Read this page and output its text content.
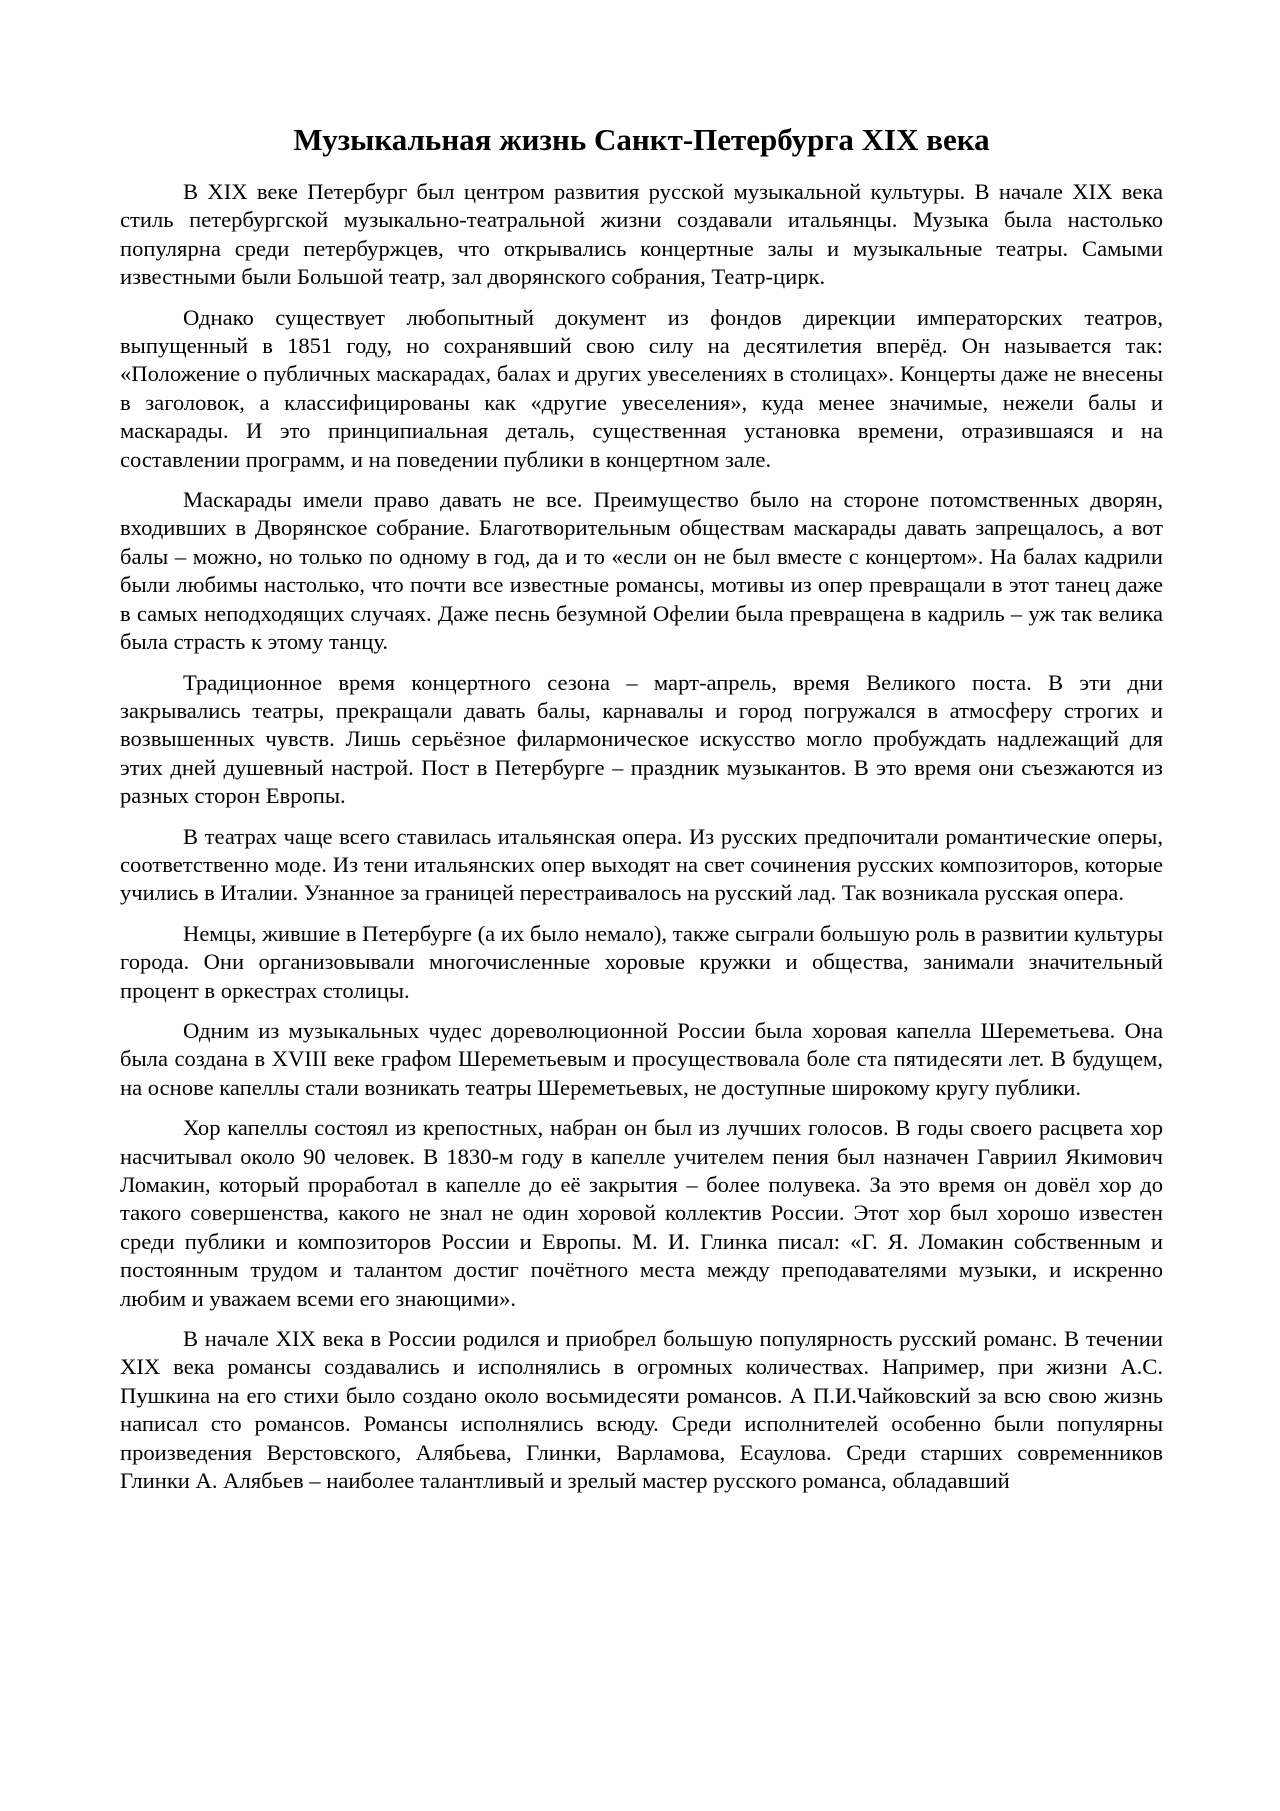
Музыкальная жизнь Санкт-Петербурга XIX века

В XIX веке Петербург был центром развития русской музыкальной культуры. В начале XIX века стиль петербургской музыкально-театральной жизни создавали итальянцы. Музыка была настолько популярна среди петербуржцев, что открывались концертные залы и музыкальные театры. Самыми известными были Большой театр, зал дворянского собрания, Театр-цирк.

Однако существует любопытный документ из фондов дирекции императорских театров, выпущенный в 1851 году, но сохранявший свою силу на десятилетия вперёд. Он называется так: «Положение о публичных маскарадах, балах и других увеселениях в столицах». Концерты даже не внесены в заголовок, а классифицированы как «другие увеселения», куда менее значимые, нежели балы и маскарады. И это принципиальная деталь, существенная установка времени, отразившаяся и на составлении программ, и на поведении публики в концертном зале.

Маскарады имели право давать не все. Преимущество было на стороне потомственных дворян, входивших в Дворянское собрание. Благотворительным обществам маскарады давать запрещалось, а вот балы – можно, но только по одному в год, да и то «если он не был вместе с концертом». На балах кадрили были любимы настолько, что почти все известные романсы, мотивы из опер превращали в этот танец даже в самых неподходящих случаях. Даже песнь безумной Офелии была превращена в кадриль – уж так велика была страсть к этому танцу.

Традиционное время концертного сезона – март-апрель, время Великого поста. В эти дни закрывались театры, прекращали давать балы, карнавалы и город погружался в атмосферу строгих и возвышенных чувств. Лишь серьёзное филармоническое искусство могло пробуждать надлежащий для этих дней душевный настрой. Пост в Петербурге – праздник музыкантов. В это время они съезжаются из разных сторон Европы.

В театрах чаще всего ставилась итальянская опера. Из русских предпочитали романтические оперы, соответственно моде. Из тени итальянских опер выходят на свет сочинения русских композиторов, которые учились в Италии. Узнанное за границей перестраивалось на русский лад. Так возникала русская опера.

Немцы, жившие в Петербурге (а их было немало), также сыграли большую роль в развитии культуры города. Они организовывали многочисленные хоровые кружки и общества, занимали значительный процент в оркестрах столицы.

Одним из музыкальных чудес дореволюционной России была хоровая капелла Шереметьева. Она была создана в XVIII веке графом Шереметьевым и просуществовала боле ста пятидесяти лет. В будущем, на основе капеллы стали возникать театры Шереметьевых, не доступные широкому кругу публики.

Хор капеллы состоял из крепостных, набран он был из лучших голосов. В годы своего расцвета хор насчитывал около 90 человек. В 1830-м году в капелле учителем пения был назначен Гавриил Якимович Ломакин, который проработал в капелле до её закрытия – более полувека. За это время он довёл хор до такого совершенства, какого не знал не один хоровой коллектив России. Этот хор был хорошо известен среди публики и композиторов России и Европы. М. И. Глинка писал: «Г. Я. Ломакин собственным и постоянным трудом и талантом достиг почётного места между преподавателями музыки, и искренно любим и уважаем всеми его знающими».

В начале XIX века в России родился и приобрел большую популярность русский романс. В течении XIX века романсы создавались и исполнялись в огромных количествах. Например, при жизни А.С. Пушкина на его стихи было создано около восьмидесяти романсов. А П.И.Чайковский за всю свою жизнь написал сто романсов. Романсы исполнялись всюду. Среди исполнителей особенно были популярны произведения Верстовского, Алябьева, Глинки, Варламова, Есаулова. Среди старших современников Глинки А. Алябьев – наиболее талантливый и зрелый мастер русского романса, обладавший
